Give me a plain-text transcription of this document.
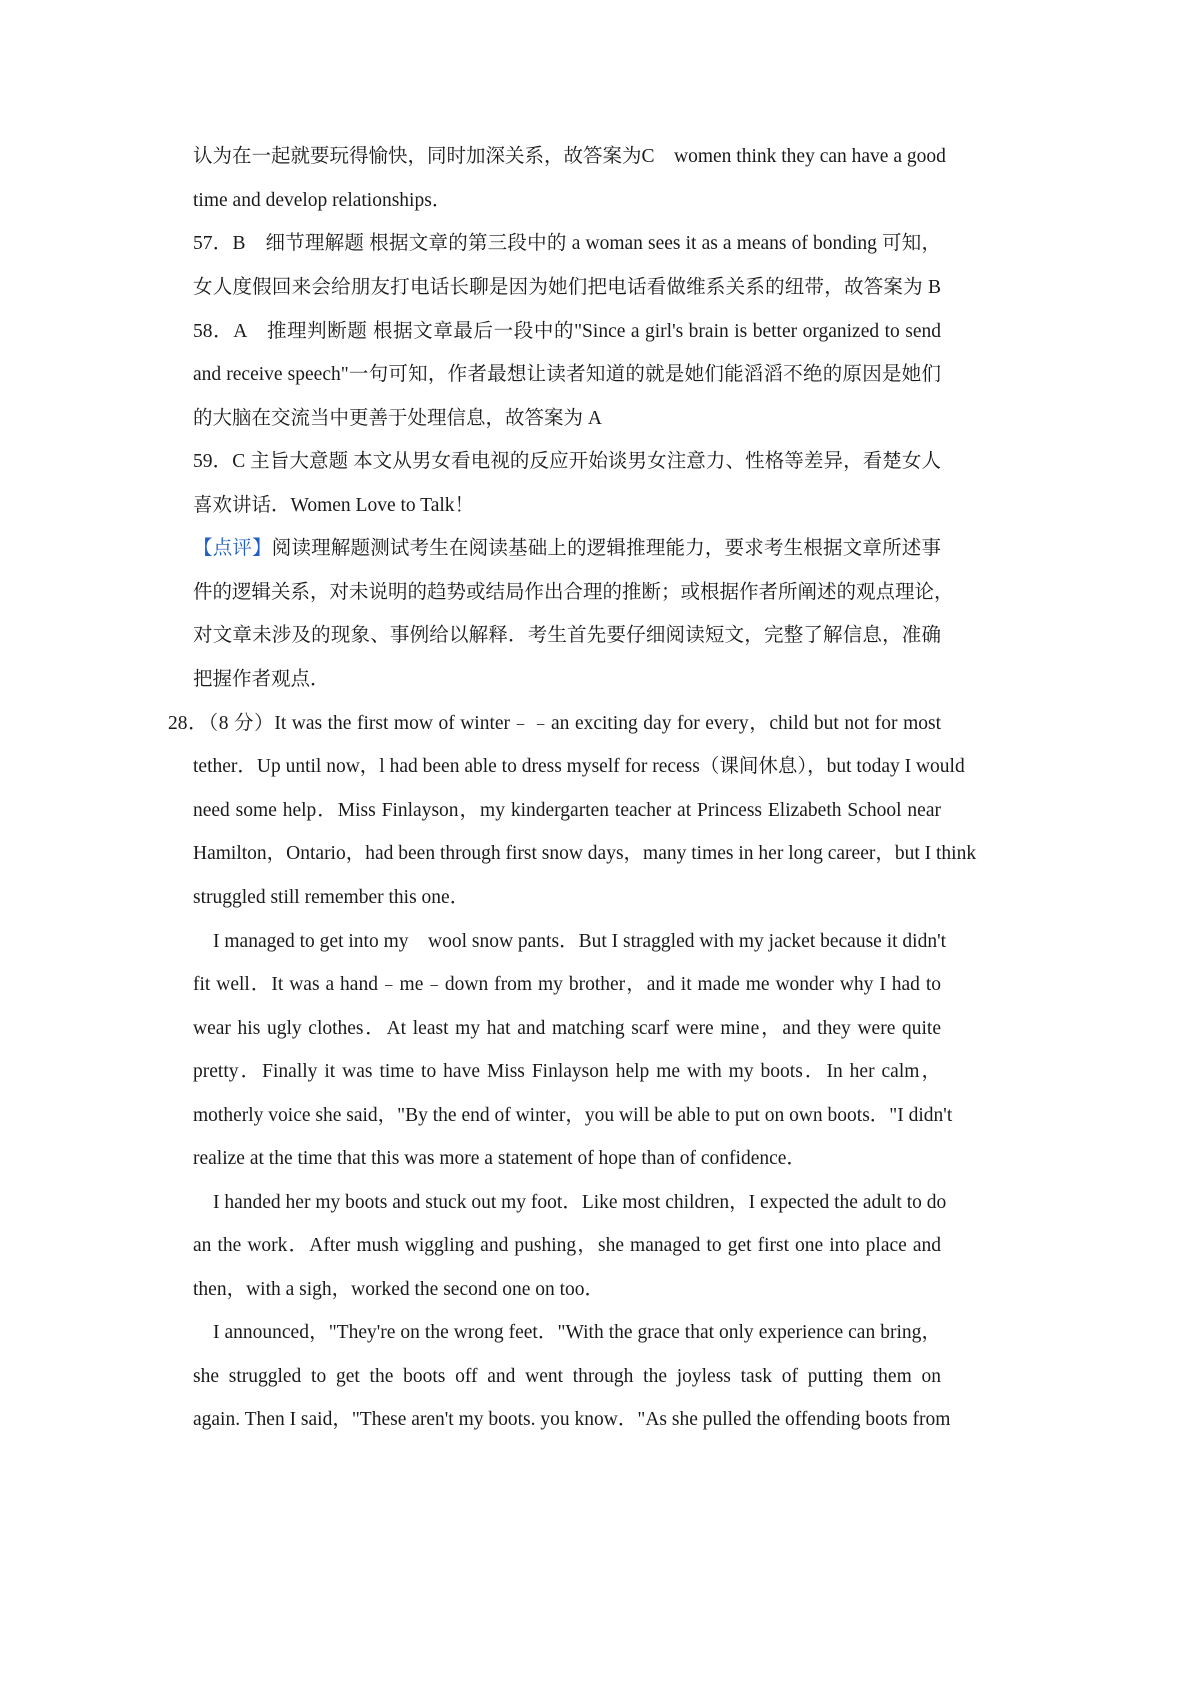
认为在一起就要玩得愉快，同时加深关系，故答案为C　women think they can have a good
time and develop relationships．
57．B　细节理解题 根据文章的第三段中的 a woman sees it as a means of bonding 可知，
女人度假回来会给朋友打电话长聊是因为她们把电话看做维系关系的纽带，故答案为 B
58．A　推理判断题 根据文章最后一段中的"Since a girl's brain is better organized to send
and receive speech"一句可知，作者最想让读者知道的就是她们能滔滔不绝的原因是她们
的大脑在交流当中更善于处理信息，故答案为 A
59．C 主旨大意题 本文从男女看电视的反应开始谈男女注意力、性格等差异，看楚女人
喜欢讲话．Women Love to Talk！
【点评】阅读理解题测试考生在阅读基础上的逻辑推理能力，要求考生根据文章所述事
件的逻辑关系，对未说明的趋势或结局作出合理的推断；或根据作者所阐述的观点理论，
对文章未涉及的现象、事例给以解释．考生首先要仔细阅读短文，完整了解信息，准确
把握作者观点．
28．（8 分）It was the first mow of winter﹣﹣an exciting day for every，child but not for most
tether．Up until now，l had been able to dress myself for recess（课间休息），but today I would
need some help．Miss Finlayson，my kindergarten teacher at Princess Elizabeth School near
Hamilton，Ontario，had been through first snow days，many times in her long career，but I think
struggled still remember this one．
I managed to get into my　wool snow pants．But I straggled with my jacket because it didn't
fit well．It was a hand﹣me﹣down from my brother，and it made me wonder why I had to
wear his ugly clothes．At least my hat and matching scarf were mine，and they were quite
pretty．Finally it was time to have Miss Finlayson help me with my boots．In her calm，
motherly voice she said，"By the end of winter，you will be able to put on own boots．"I didn't
realize at the time that this was more a statement of hope than of confidence．
I handed her my boots and stuck out my foot．Like most children，I expected the adult to do
an the work．After mush wiggling and pushing，she managed to get first one into place and
then，with a sigh，worked the second one on too．
I announced，"They're on the wrong feet．"With the grace that only experience can bring，
she struggled to get the boots off and went through the joyless task of putting them on
again. Then I said，"These aren't my boots. you know．"As she pulled the offending boots from
